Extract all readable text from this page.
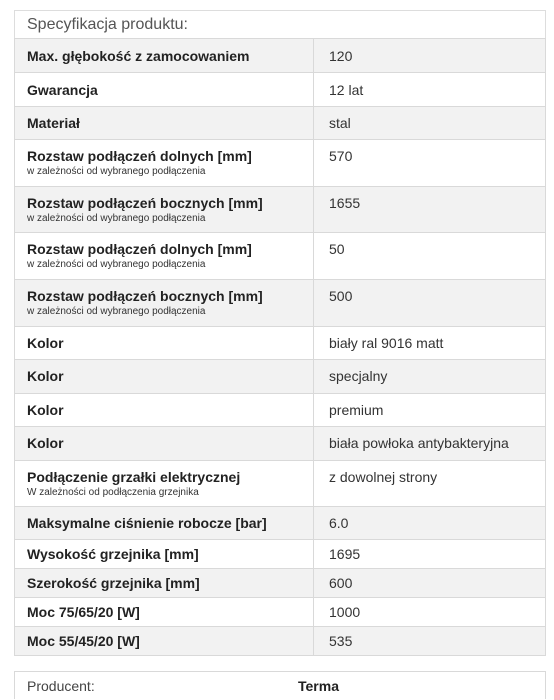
Specyfikacja produktu:
Max. głębokość z zamocowaniem	120

Gwarancja	12 lat

Materiał	stal

Rozstaw podłączeń dolnych [mm]
w zależności od wybranego podłączenia	570

Rozstaw podłączeń bocznych [mm]
w zależności od wybranego podłączenia	1655

Rozstaw podłączeń dolnych [mm]
w zależności od wybranego podłączenia	50

Rozstaw podłączeń bocznych [mm]
w zależności od wybranego podłączenia	500

Kolor	biały ral 9016 matt

Kolor	specjalny

Kolor	premium

Kolor	biała powłoka antybakteryjna

Podłączenie grzałki elektrycznej
W zależności od podłączenia grzejnika	z dowolnej strony

Maksymalne ciśnienie robocze [bar]	6.0

Wysokość grzejnika [mm]	1695

Szerokość grzejnika [mm]	600

Moc 75/65/20 [W]	1000

Moc 55/45/20 [W]	535
Producent:	Terma
